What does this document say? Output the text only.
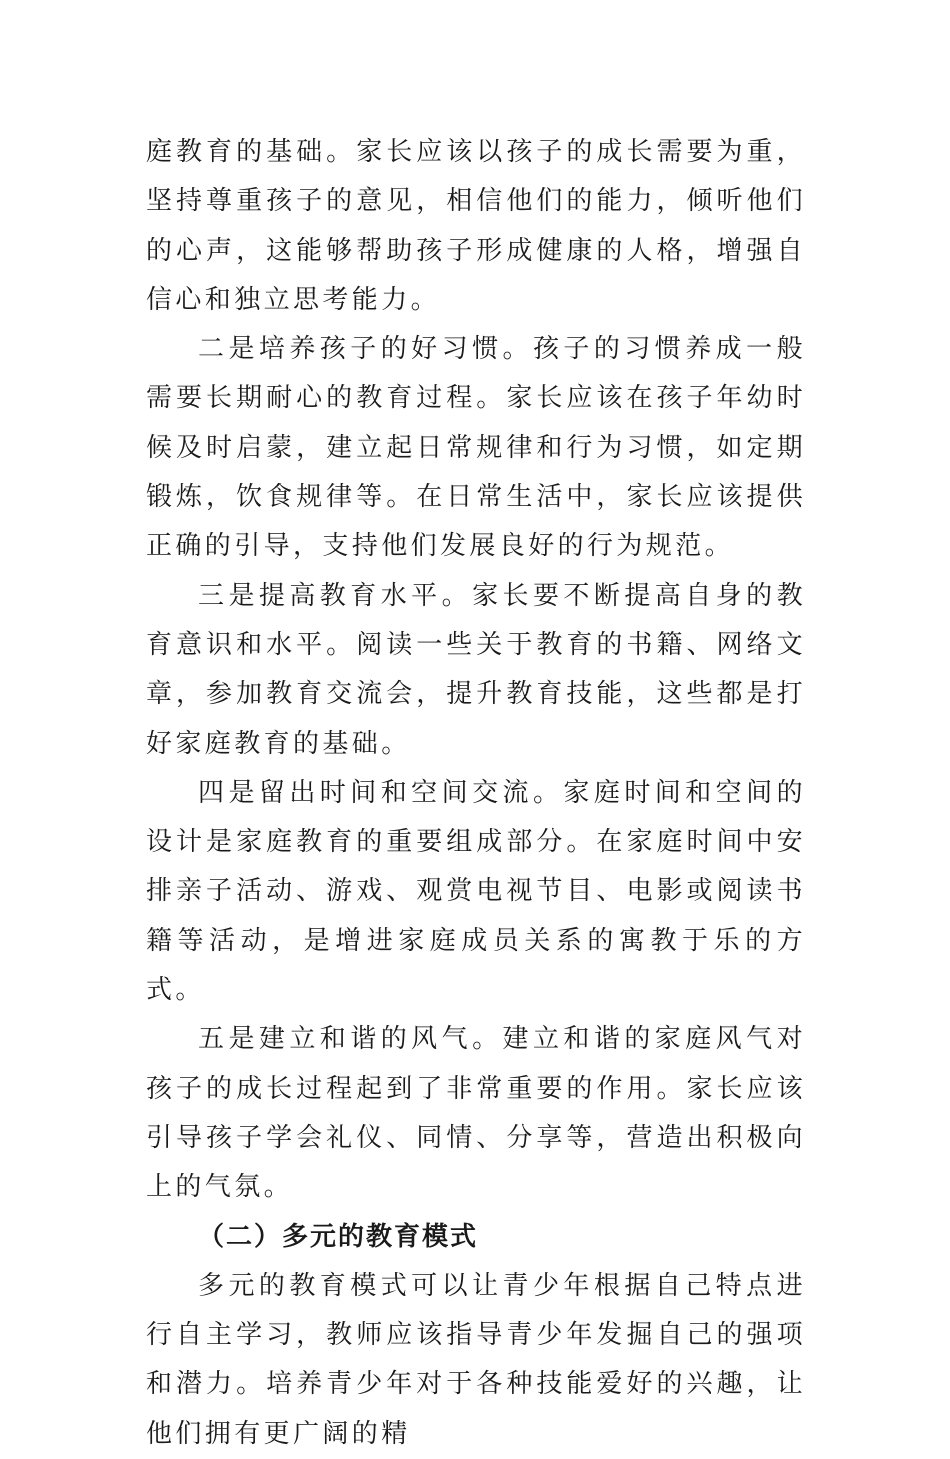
庭教育的基础。家长应该以孩子的成长需要为重，坚持尊重孩子的意见，相信他们的能力，倾听他们的心声，这能够帮助孩子形成健康的人格，增强自信心和独立思考能力。

二是培养孩子的好习惯。孩子的习惯养成一般需要长期耐心的教育过程。家长应该在孩子年幼时候及时启蒙，建立起日常规律和行为习惯，如定期锻炼，饮食规律等。在日常生活中，家长应该提供正确的引导，支持他们发展良好的行为规范。

三是提高教育水平。家长要不断提高自身的教育意识和水平。阅读一些关于教育的书籍、网络文章，参加教育交流会，提升教育技能，这些都是打好家庭教育的基础。

四是留出时间和空间交流。家庭时间和空间的设计是家庭教育的重要组成部分。在家庭时间中安排亲子活动、游戏、观赏电视节目、电影或阅读书籍等活动，是增进家庭成员关系的寓教于乐的方式。

五是建立和谐的风气。建立和谐的家庭风气对孩子的成长过程起到了非常重要的作用。家长应该引导孩子学会礼仪、同情、分享等，营造出积极向上的气氛。

（二）多元的教育模式

多元的教育模式可以让青少年根据自己特点进行自主学习，教师应该指导青少年发掘自己的强项和潜力。培养青少年对于各种技能爱好的兴趣，让他们拥有更广阔的精
